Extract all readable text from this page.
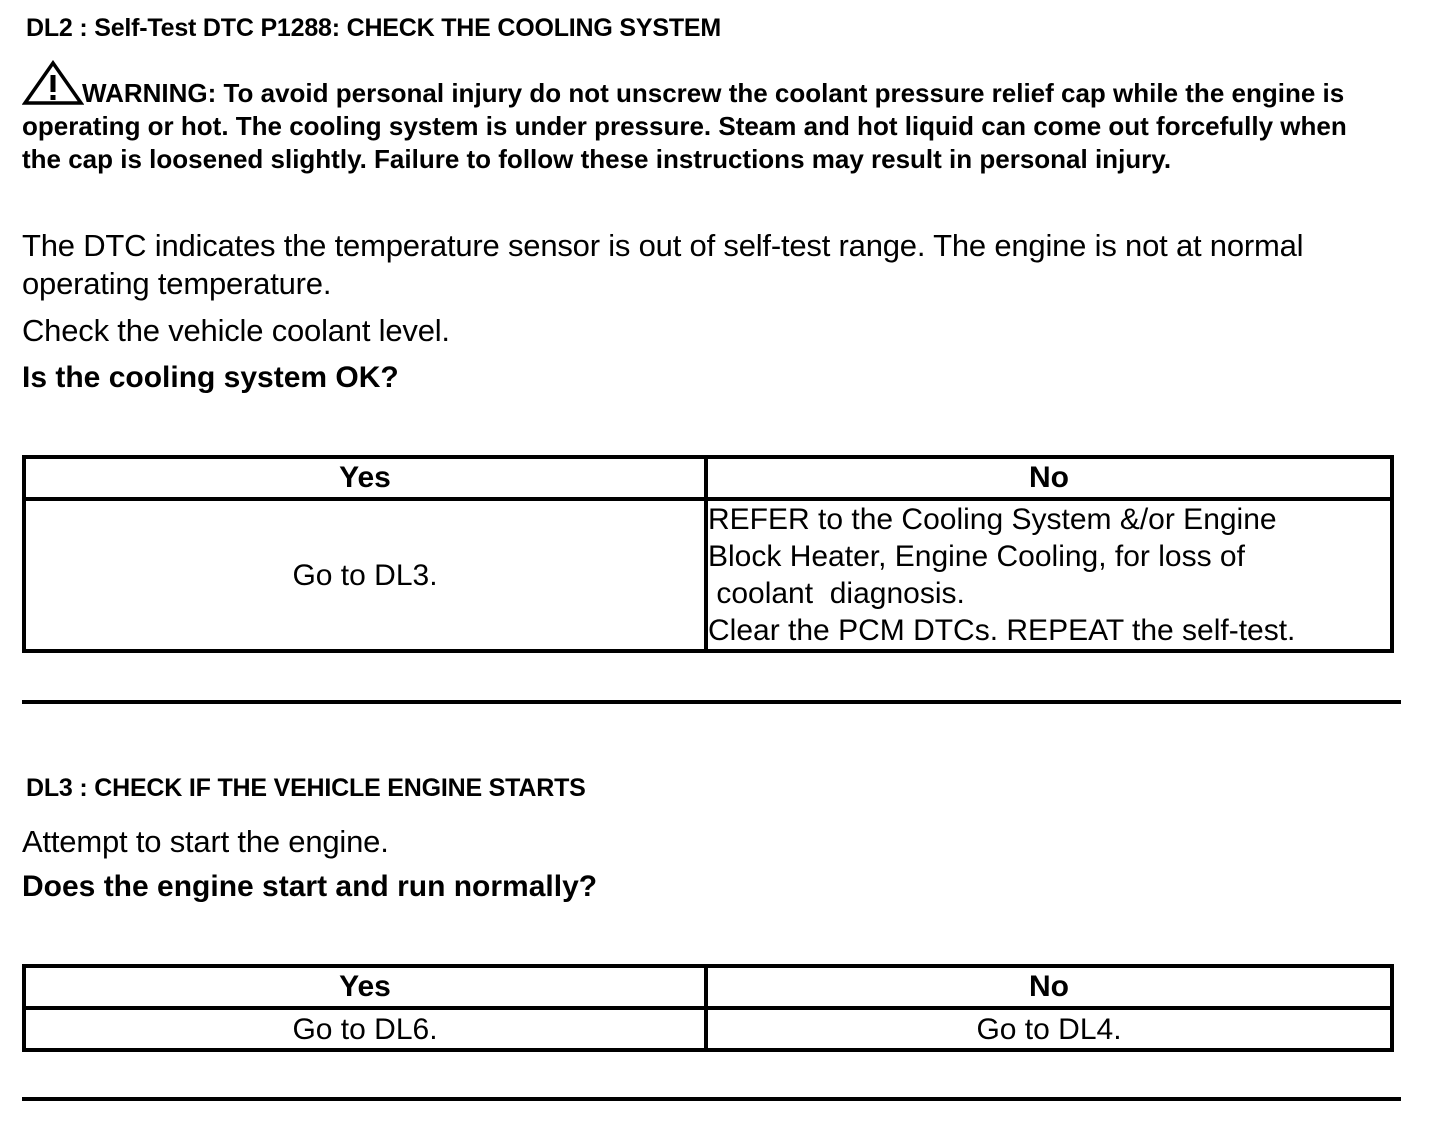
DL2 : Self-Test DTC P1288: CHECK THE COOLING SYSTEM
WARNING: To avoid personal injury do not unscrew the coolant pressure relief cap while the engine is operating or hot. The cooling system is under pressure. Steam and hot liquid can come out forcefully when the cap is loosened slightly. Failure to follow these instructions may result in personal injury.
The DTC indicates the temperature sensor is out of self-test range. The engine is not at normal operating temperature.
Check the vehicle coolant level.
Is the cooling system OK?
Yes	No
Go to DL3.	REFER to the Cooling System &/or Engine
Block Heater, Engine Cooling, for loss of
coolant  diagnosis.
Clear the PCM DTCs. REPEAT the self-test.
DL3 : CHECK IF THE VEHICLE ENGINE STARTS
Attempt to start the engine.
Does the engine start and run normally?
Yes	No
Go to DL6.	Go to DL4.
